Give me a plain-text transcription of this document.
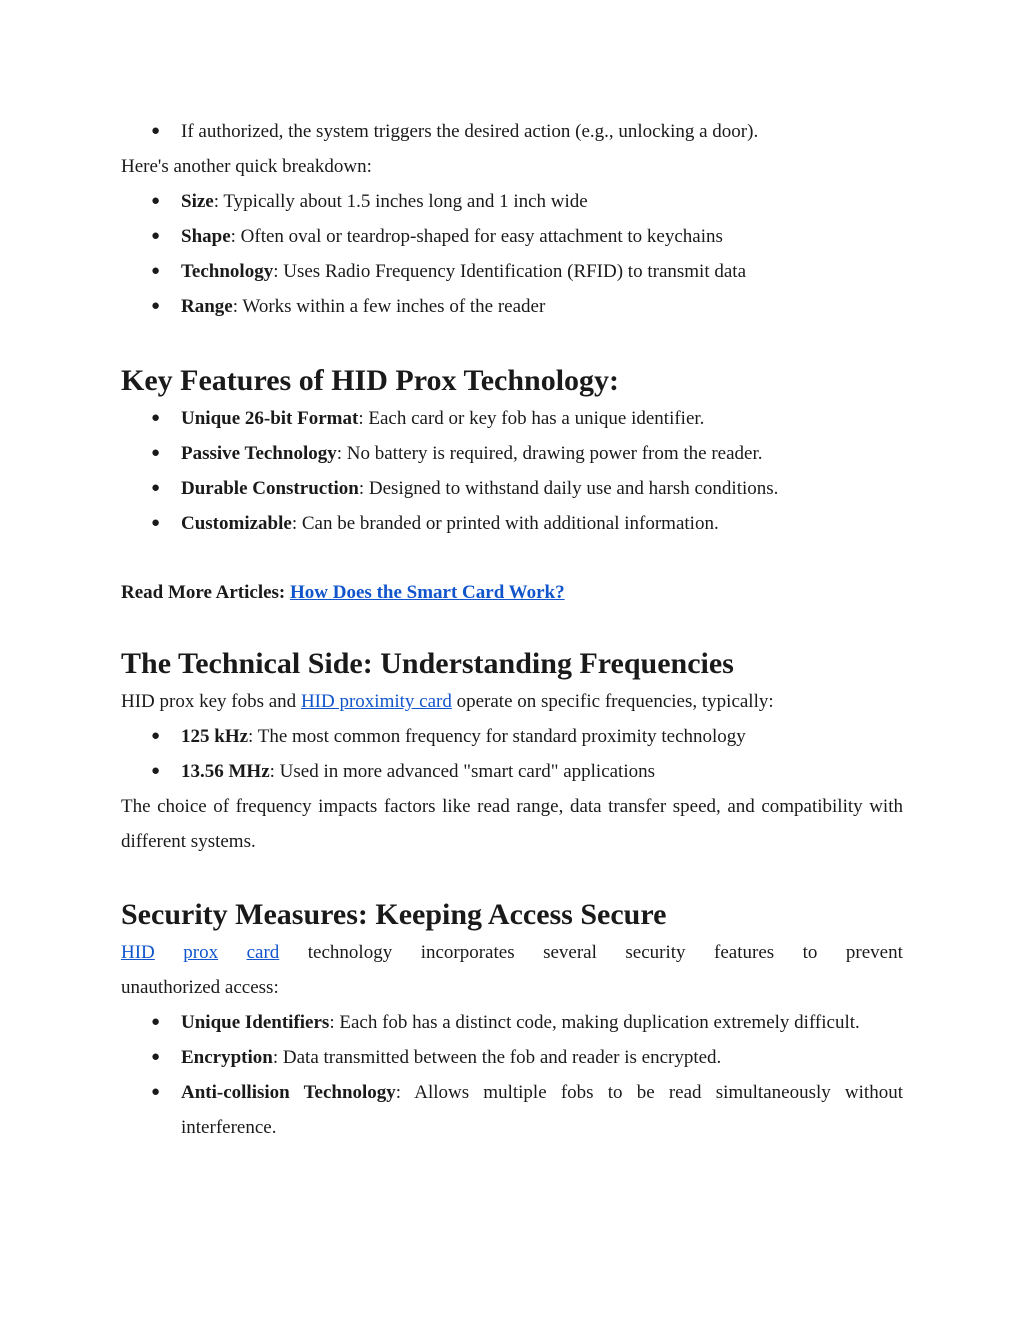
● If authorized, the system triggers the desired action (e.g., unlocking a door).

Here's another quick breakdown:

● Size: Typically about 1.5 inches long and 1 inch wide
● Shape: Often oval or teardrop-shaped for easy attachment to keychains
● Technology: Uses Radio Frequency Identification (RFID) to transmit data
● Range: Works within a few inches of the reader
Key Features of HID Prox Technology:
● Unique 26-bit Format: Each card or key fob has a unique identifier.
● Passive Technology: No battery is required, drawing power from the reader.
● Durable Construction: Designed to withstand daily use and harsh conditions.
● Customizable: Can be branded or printed with additional information.

Read More Articles: How Does the Smart Card Work?

The Technical Side: Understanding Frequencies

HID prox key fobs and HID proximity card operate on specific frequencies, typically:

● 125 kHz: The most common frequency for standard proximity technology
● 13.56 MHz: Used in more advanced "smart card" applications

The choice of frequency impacts factors like read range, data transfer speed, and compatibility with different systems.

Security Measures: Keeping Access Secure
HID prox card technology incorporates several security features to prevent

unauthorized access:

● Unique Identifiers: Each fob has a distinct code, making duplication extremely difficult.
● Encryption: Data transmitted between the fob and reader is encrypted.
● Anti-collision Technology: Allows multiple fobs to be read simultaneously without interference.
